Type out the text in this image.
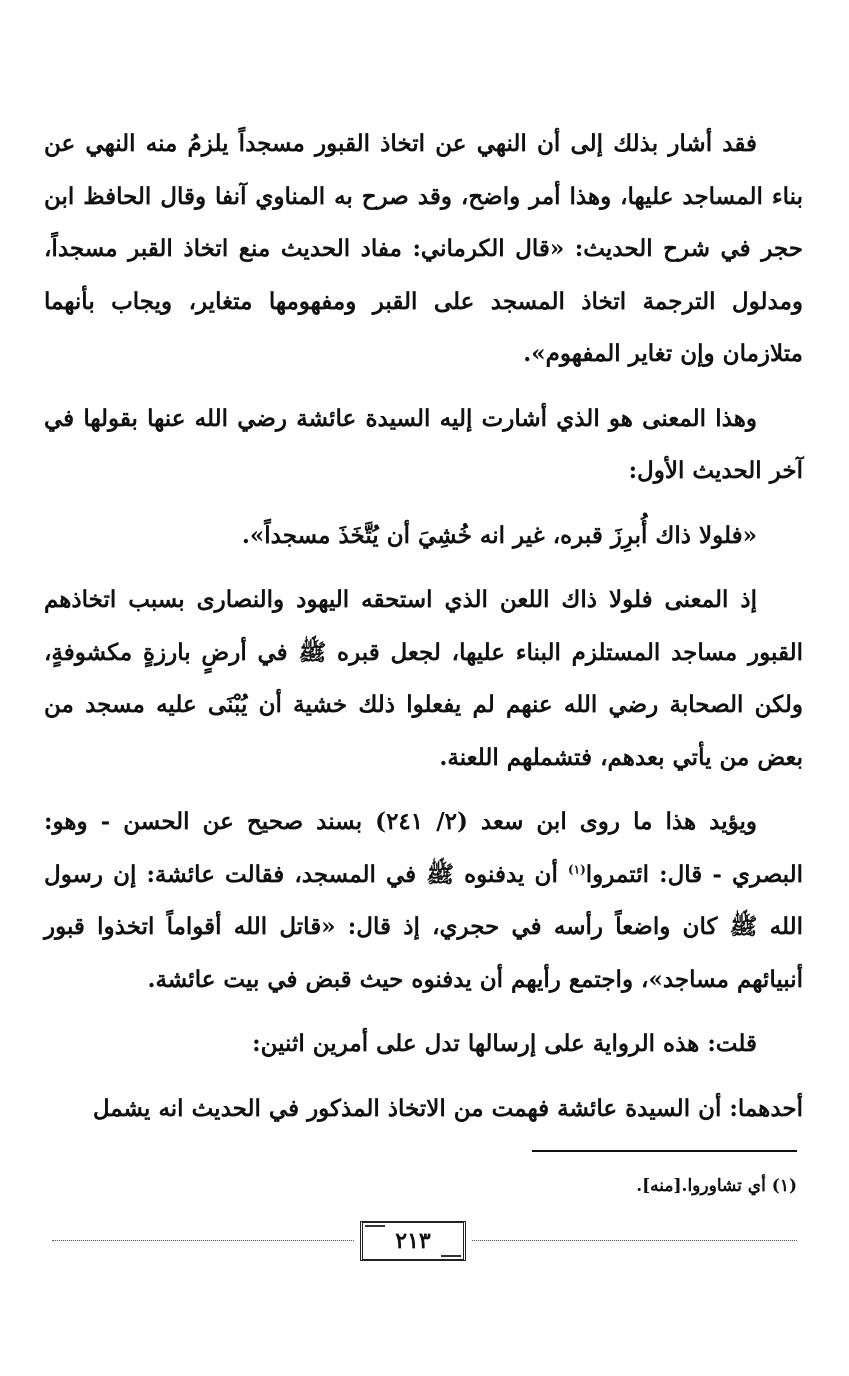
فقد أشار بذلك إلى أن النهي عن اتخاذ القبور مسجداً يلزمُ منه النهي عن بناء المساجد عليها، وهذا أمر واضح، وقد صرح به المناوي آنفا وقال الحافظ ابن حجر في شرح الحديث: «قال الكرماني: مفاد الحديث منع اتخاذ القبر مسجداً، ومدلول الترجمة اتخاذ المسجد على القبر ومفهومها متغاير، ويجاب بأنهما متلازمان وإن تغاير المفهوم».

وهذا المعنى هو الذي أشارت إليه السيدة عائشة رضي الله عنها بقولها في آخر الحديث الأول:

«فلولا ذاك أُبرِزَ قبره، غير انه خُشِيَ أن يُتَّخَذَ مسجداً».

إذ المعنى فلولا ذاك اللعن الذي استحقه اليهود والنصارى بسبب اتخاذهم القبور مساجد المستلزم البناء عليها، لجعل قبره ﷺ في أرضٍ بارزةٍ مكشوفةٍ، ولكن الصحابة رضي الله عنهم لم يفعلوا ذلك خشية أن يُبْنَى عليه مسجد من بعض من يأتي بعدهم، فتشملهم اللعنة.

ويؤيد هذا ما روى ابن سعد (٢/ ٢٤١) بسند صحيح عن الحسن - وهو: البصري - قال: ائتمروا$^{(١)}$ أن يدفنوه ﷺ في المسجد، فقالت عائشة: إن رسول الله ﷺ كان واضعاً رأسه في حجري، إذ قال: «قاتل الله أقواماً اتخذوا قبور أنبيائهم مساجد»، واجتمع رأيهم أن يدفنوه حيث قبض في بيت عائشة.

قلت: هذه الرواية على إرسالها تدل على أمرين اثنين:

أحدهما: أن السيدة عائشة فهمت من الاتخاذ المذكور في الحديث انه يشمل

(١) أي تشاوروا.[منه].
٢١٣
